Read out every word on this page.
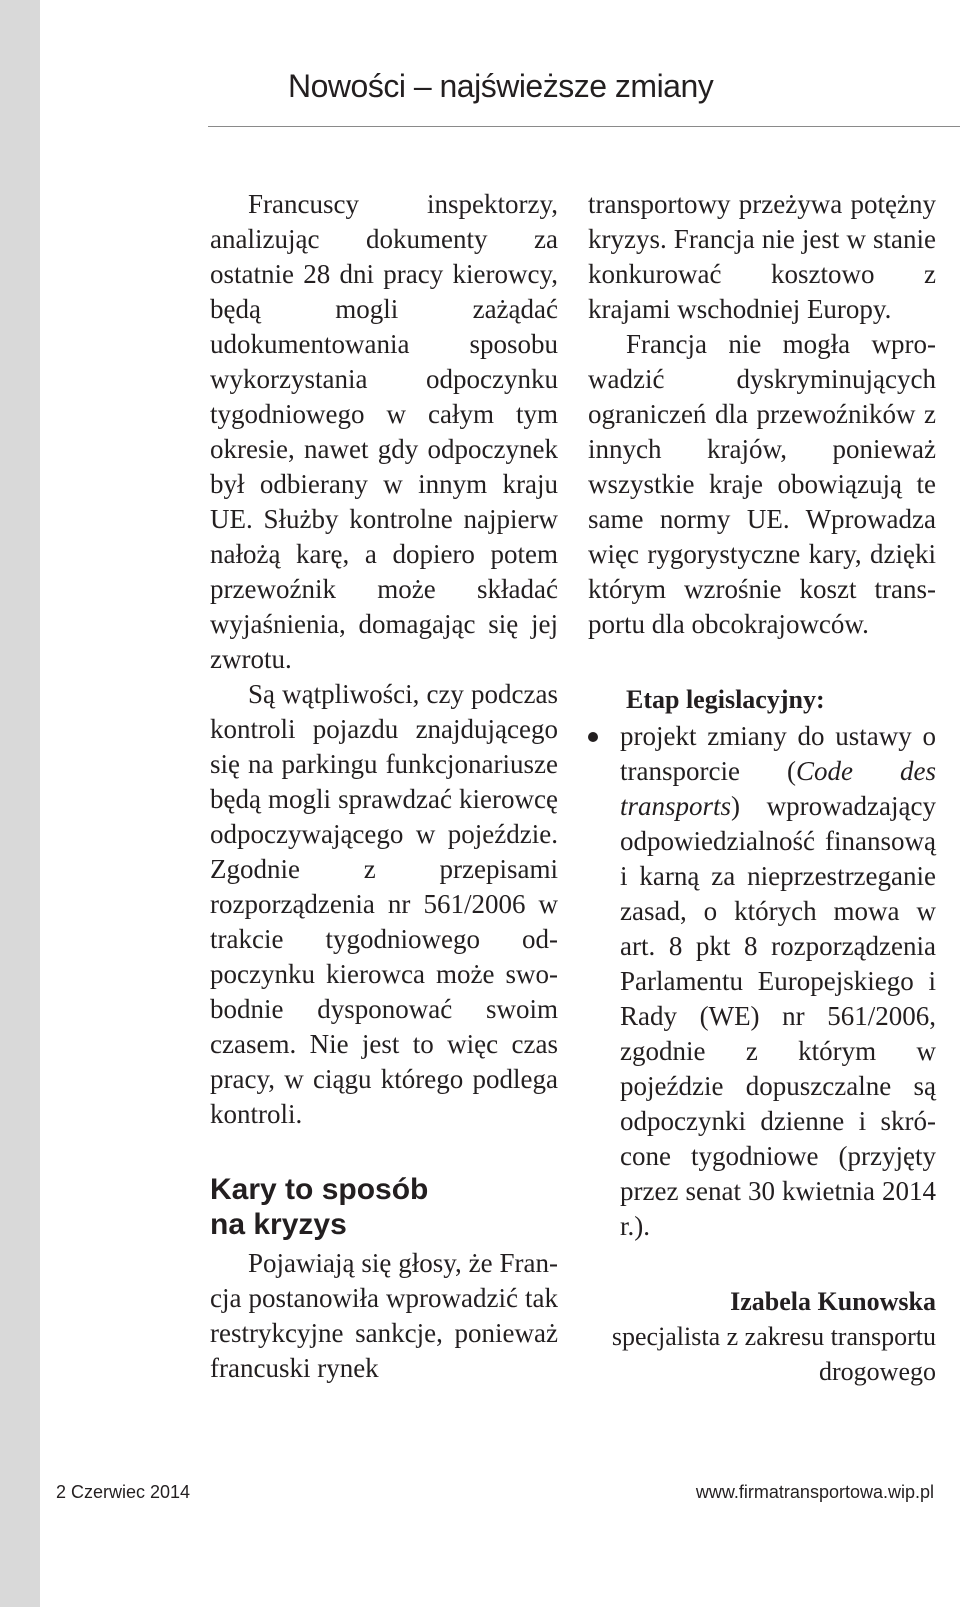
Nowości – najświeższe zmiany

Francuscy inspektorzy, analizując dokumenty za ostatnie 28 dni pracy kierowcy, będą mogli zażądać udokumentowania sposobu wykorzystania odpoczynku tygodniowego w całym tym okresie, nawet gdy odpoczynek był odbierany w innym kraju UE. Służby kontrolne najpierw nałożą karę, a dopiero potem przewoźnik może składać wyjaśnienia, domagając się jej zwrotu.

Są wątpliwości, czy podczas kontroli pojazdu znajdującego się na parkingu funkcjonariusze będą mogli sprawdzać kierowcę odpoczywającego w pojeździe. Zgodnie z przepisami rozporządzenia nr 561/2006 w trakcie tygodniowego odpoczynku kierowca może swobodnie dysponować swoim czasem. Nie jest to więc czas pracy, w ciągu którego podlega kontroli.

Kary to sposób
na kryzys

Pojawiają się głosy, że Francja postanowiła wprowadzić tak restrykcyjne sankcje, ponieważ francuski rynek

transportowy przeżywa potężny kryzys. Francja nie jest w stanie konkurować kosztowo z krajami wschodniej Europy.

Francja nie mogła wprowadzić dyskryminujących ograniczeń dla przewoźników z innych krajów, ponieważ wszystkie kraje obowiązują te same normy UE. Wprowadza więc rygorystyczne kary, dzięki którym wzrośnie koszt transportu dla obcokrajowców.

Etap legislacyjny:
projekt zmiany do ustawy o transporcie (Code des transports) wprowadzający odpowiedzialność finansową i karną za nieprzestrzeganie zasad, o których mowa w art. 8 pkt 8 rozporządzenia Parlamentu Europejskiego i Rady (WE) nr 561/2006, zgodnie z którym w pojeździe dopuszczalne są odpoczynki dzienne i skrócone tygodniowe (przyjęty przez senat 30 kwietnia 2014 r.).
Izabela Kunowska
specjalista z zakresu transportu drogowego
2 Czerwiec 2014	www.firmatransportowa.wip.pl
